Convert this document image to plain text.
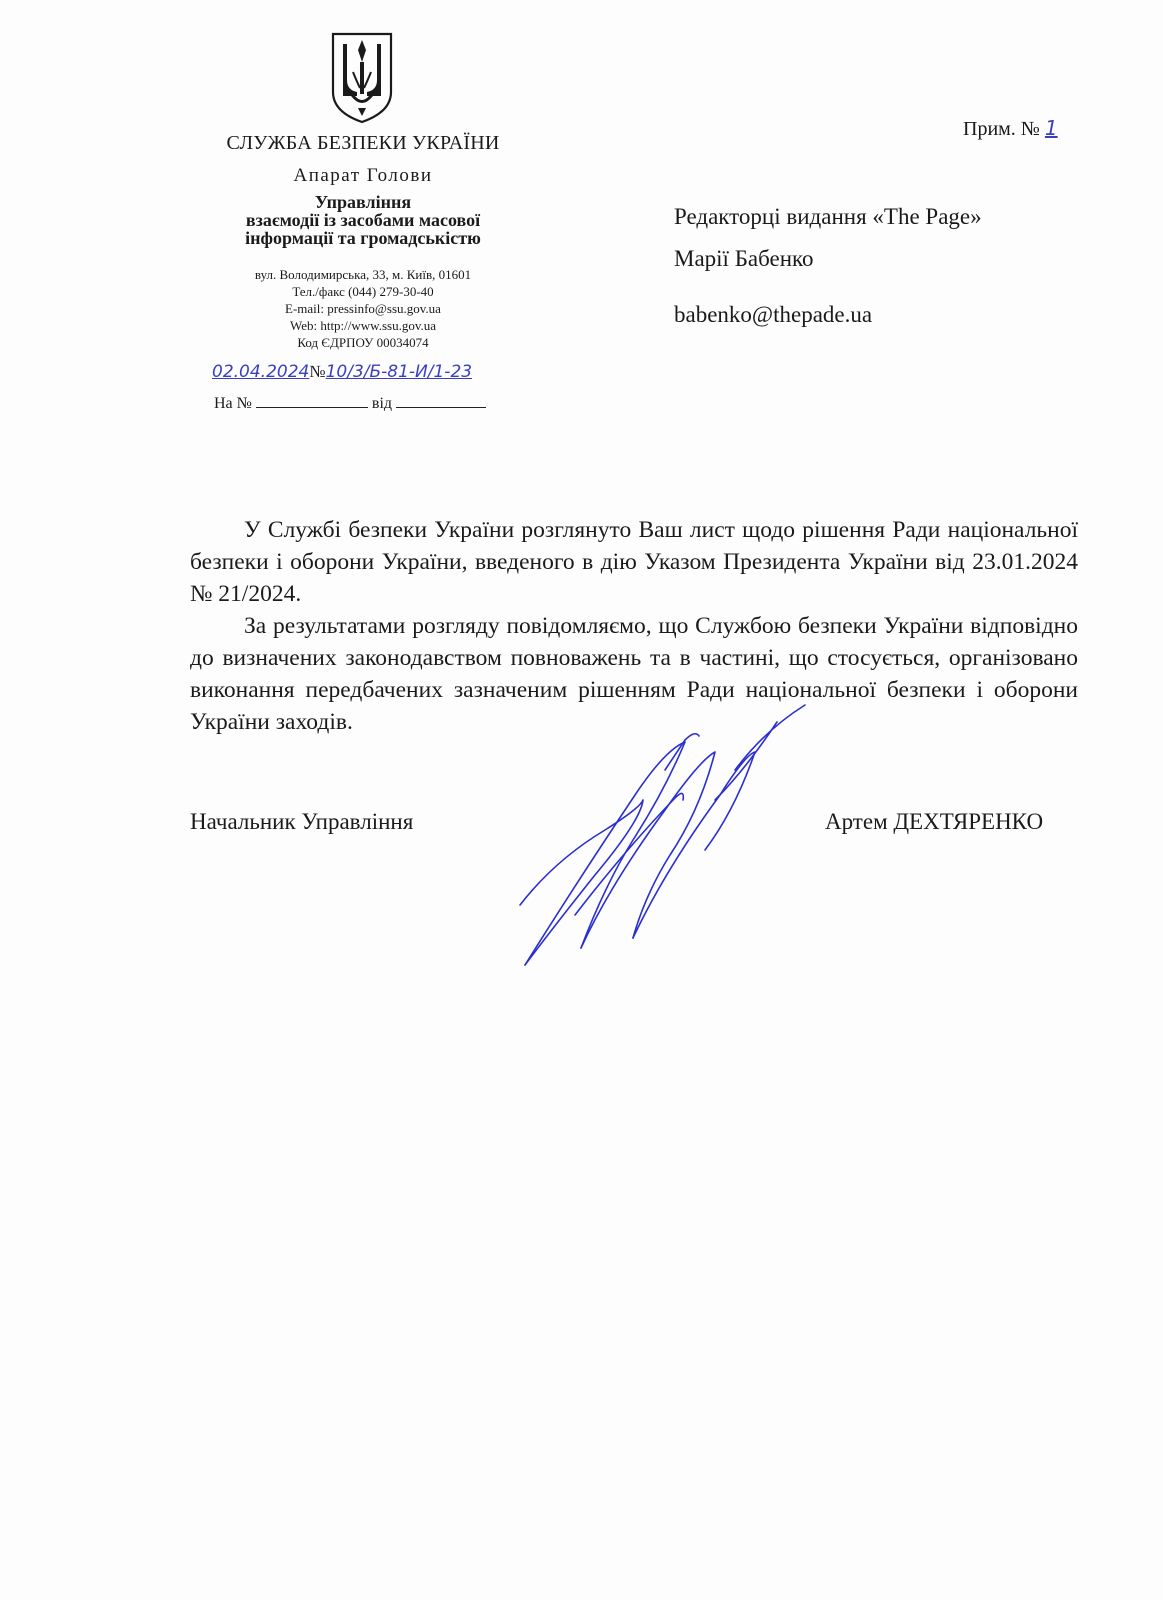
СЛУЖБА БЕЗПЕКИ УКРАЇНИ
Апарат Голови
Управління
взаємодії із засобами масової
інформації та громадськістю
вул. Володимирська, 33, м. Київ, 01601
Тел./факс (044) 279-30-40
E-mail: pressinfo@ssu.gov.ua
Web: http://www.ssu.gov.ua
Код ЄДРПОУ 00034074
02.04.2024№10/3/Б-81-И/1-23
На №	від
Прим. № 1
Редакторці видання «The Page»
Марії Бабенко
babenko@thepade.ua

У Службі безпеки України розглянуто Ваш лист щодо рішення Ради національної безпеки і оборони України, введеного в дію Указом Президента України від 23.01.2024 № 21/2024.

За результатами розгляду повідомляємо, що Службою безпеки України відповідно до визначених законодавством повноважень та в частині, що стосується, організовано виконання передбачених зазначеним рішенням Ради національної безпеки і оборони України заходів.

Начальник Управління	Артем ДЕХТЯРЕНКО
